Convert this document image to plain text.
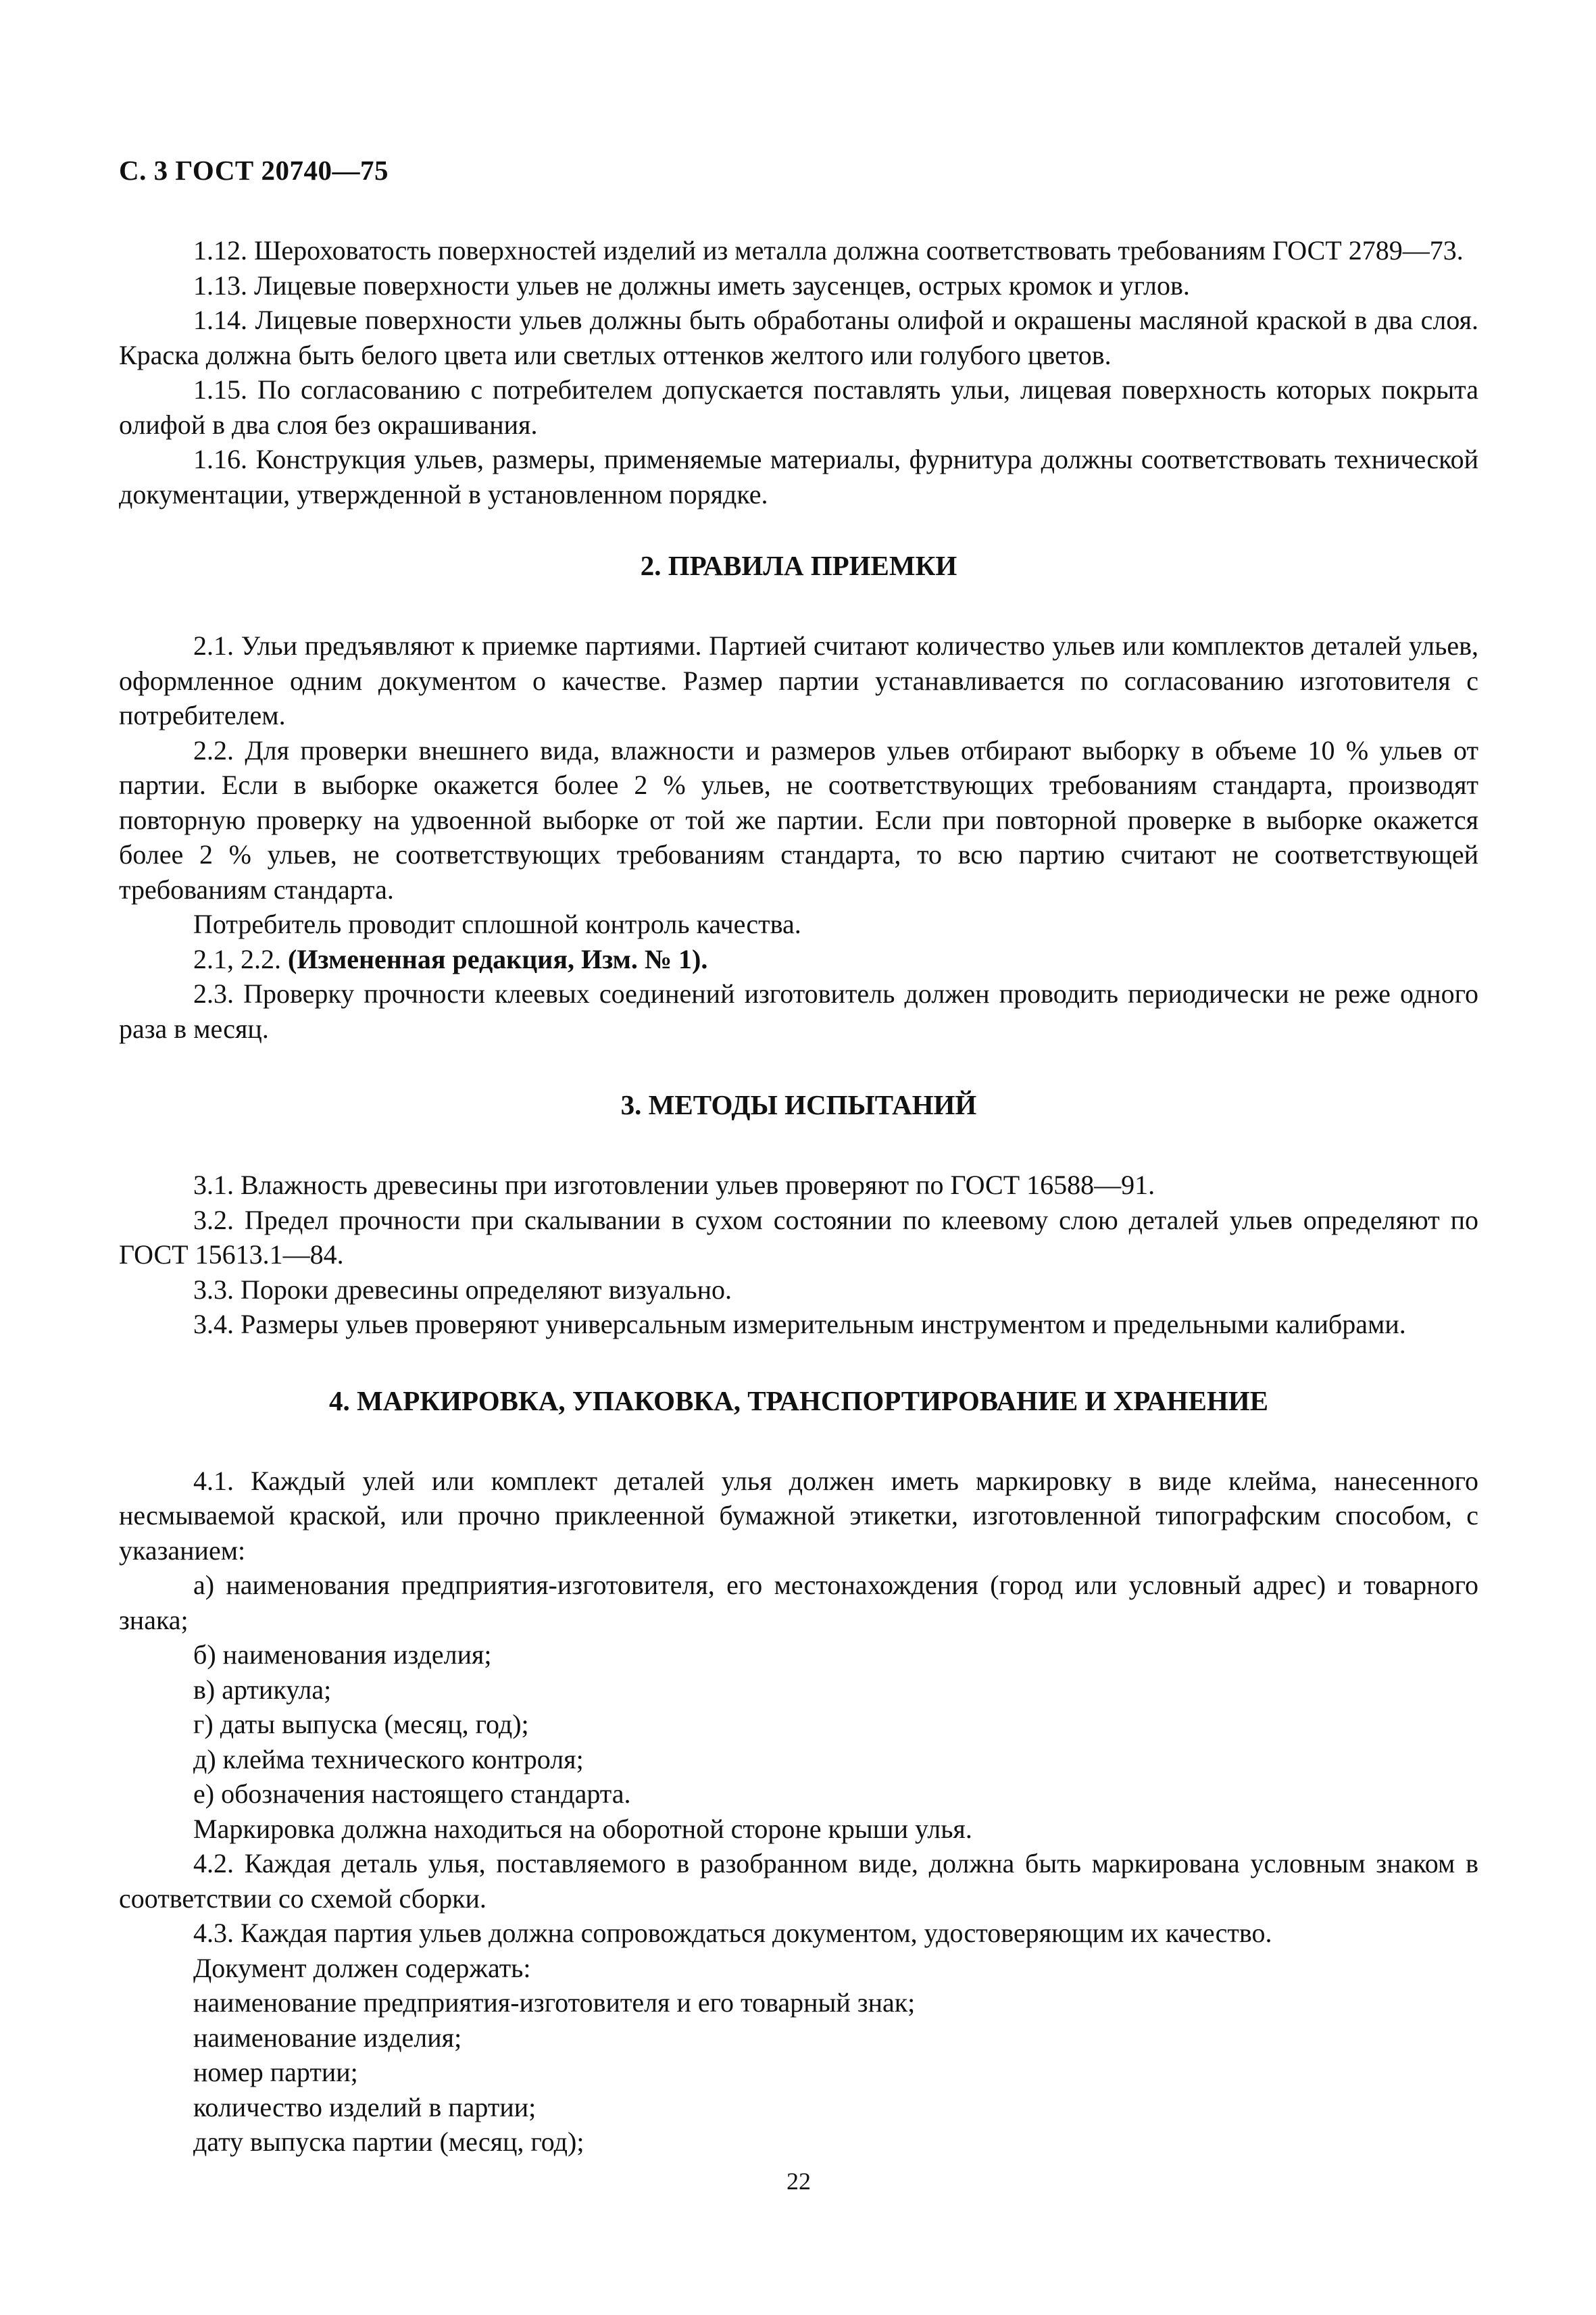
С. 3 ГОСТ 20740—75

1.12. Шероховатость поверхностей изделий из металла должна соответствовать требованиям ГОСТ 2789—73.

1.13. Лицевые поверхности ульев не должны иметь заусенцев, острых кромок и углов.

1.14. Лицевые поверхности ульев должны быть обработаны олифой и окрашены масляной краской в два слоя. Краска должна быть белого цвета или светлых оттенков желтого или голубого цветов.

1.15. По согласованию с потребителем допускается поставлять ульи, лицевая поверхность которых покрыта олифой в два слоя без окрашивания.

1.16. Конструкция ульев, размеры, применяемые материалы, фурнитура должны соответствовать технической документации, утвержденной в установленном порядке.

2. ПРАВИЛА ПРИЕМКИ

2.1. Ульи предъявляют к приемке партиями. Партией считают количество ульев или комплектов деталей ульев, оформленное одним документом о качестве. Размер партии устанавливается по согласованию изготовителя с потребителем.

2.2. Для проверки внешнего вида, влажности и размеров ульев отбирают выборку в объеме 10 % ульев от партии. Если в выборке окажется более 2 % ульев, не соответствующих требованиям стандарта, производят повторную проверку на удвоенной выборке от той же партии. Если при повторной проверке в выборке окажется более 2 % ульев, не соответствующих требованиям стандарта, то всю партию считают не соответствующей требованиям стандарта.

Потребитель проводит сплошной контроль качества.

2.1, 2.2. (Измененная редакция, Изм. № 1).

2.3. Проверку прочности клеевых соединений изготовитель должен проводить периодически не реже одного раза в месяц.

3. МЕТОДЫ ИСПЫТАНИЙ

3.1. Влажность древесины при изготовлении ульев проверяют по ГОСТ 16588—91.

3.2. Предел прочности при скалывании в сухом состоянии по клеевому слою деталей ульев определяют по ГОСТ 15613.1—84.

3.3. Пороки древесины определяют визуально.

3.4. Размеры ульев проверяют универсальным измерительным инструментом и предельными калибрами.

4. МАРКИРОВКА, УПАКОВКА, ТРАНСПОРТИРОВАНИЕ И ХРАНЕНИЕ

4.1. Каждый улей или комплект деталей улья должен иметь маркировку в виде клейма, нанесенного несмываемой краской, или прочно приклеенной бумажной этикетки, изготовленной типографским способом, с указанием:

а) наименования предприятия-изготовителя, его местонахождения (город или условный адрес) и товарного знака;

б) наименования изделия;

в) артикула;

г) даты выпуска (месяц, год);

д) клейма технического контроля;

е) обозначения настоящего стандарта.

Маркировка должна находиться на оборотной стороне крыши улья.

4.2. Каждая деталь улья, поставляемого в разобранном виде, должна быть маркирована условным знаком в соответствии со схемой сборки.

4.3. Каждая партия ульев должна сопровождаться документом, удостоверяющим их качество.

Документ должен содержать:

наименование предприятия-изготовителя и его товарный знак;

наименование изделия;

номер партии;

количество изделий в партии;

дату выпуска партии (месяц, год);

22
